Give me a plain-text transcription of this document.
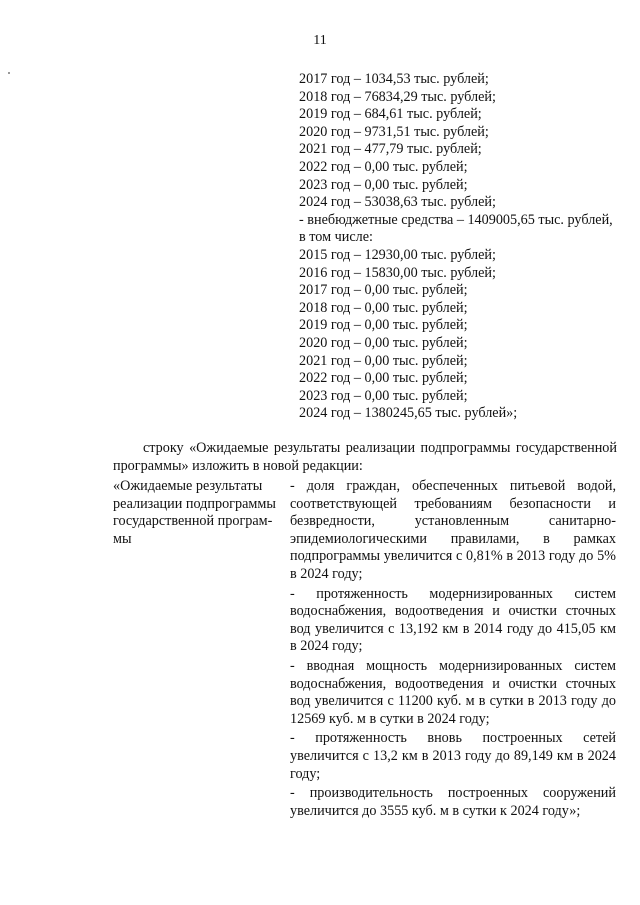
11
2017 год – 1034,53 тыс. рублей;
2018 год – 76834,29 тыс. рублей;
2019 год – 684,61 тыс. рублей;
2020 год – 9731,51 тыс. рублей;
2021 год – 477,79 тыс. рублей;
2022 год – 0,00 тыс. рублей;
2023 год – 0,00 тыс. рублей;
2024 год – 53038,63 тыс. рублей;
- внебюджетные средства – 1409005,65 тыс. рублей,
в том числе:
2015 год – 12930,00 тыс. рублей;
2016 год – 15830,00 тыс. рублей;
2017 год – 0,00 тыс. рублей;
2018 год – 0,00 тыс. рублей;
2019 год – 0,00 тыс. рублей;
2020 год – 0,00 тыс. рублей;
2021 год – 0,00 тыс. рублей;
2022 год – 0,00 тыс. рублей;
2023 год – 0,00 тыс. рублей;
2024 год – 1380245,65 тыс. рублей»;
строку «Ожидаемые результаты реализации подпрограммы государственной программы» изложить в новой редакции:
«Ожидаемые результаты
реализации подпрограммы
государственной програм-
мы
- доля граждан, обеспеченных питьевой водой, соответствующей требованиям безопасности и безвредности, установленным санитарно-эпидемиологическими правилами, в рамках подпрограммы увеличится с 0,81% в 2013 году до 5% в 2024 году;
- протяженность модернизированных систем водоснабжения, водоотведения и очистки сточных вод увеличится с 13,192 км в 2014 году до 415,05 км в 2024 году;
- вводная мощность модернизированных систем водоснабжения, водоотведения и очистки сточных вод увеличится с 11200 куб. м в сутки в 2013 году до 12569 куб. м в сутки в 2024 году;
- протяженность вновь построенных сетей увеличится с 13,2 км в 2013 году до 89,149 км в 2024 году;
- производительность построенных сооружений увеличится до 3555 куб. м в сутки к 2024 году»;
